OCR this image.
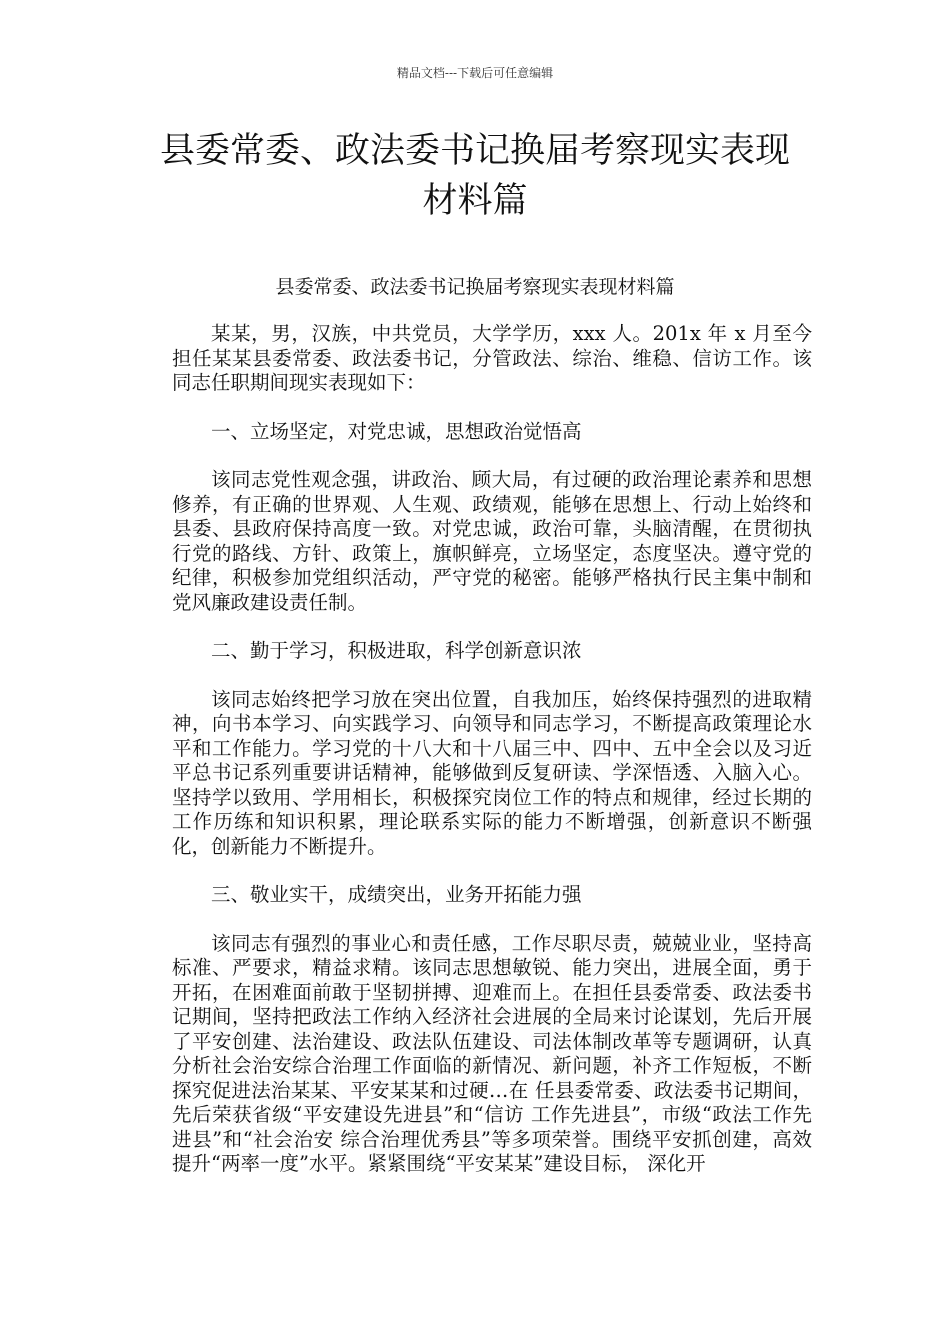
精品文档---下载后可任意编辑
县委常委、政法委书记换届考察现实表现材料篇
县委常委、政法委书记换届考察现实表现材料篇

某某，男，汉族，中共党员，大学学历，xxx 人。201x 年 x 月至今担任某某县委常委、政法委书记，分管政法、综治、维稳、信访工作。该同志任职期间现实表现如下：

一、立场坚定，对党忠诚，思想政治觉悟高

该同志党性观念强，讲政治、顾大局，有过硬的政治理论素养和思想修养，有正确的世界观、人生观、政绩观，能够在思想上、行动上始终和县委、县政府保持高度一致。对党忠诚，政治可靠，头脑清醒，在贯彻执行党的路线、方针、政策上，旗帜鲜亮，立场坚定，态度坚决。遵守党的纪律，积极参加党组织活动，严守党的秘密。能够严格执行民主集中制和党风廉政建设责任制。

二、勤于学习，积极进取，科学创新意识浓

该同志始终把学习放在突出位置，自我加压，始终保持强烈的进取精神，向书本学习、向实践学习、向领导和同志学习，不断提高政策理论水平和工作能力。学习党的十八大和十八届三中、四中、五中全会以及习近平总书记系列重要讲话精神，能够做到反复研读、学深悟透、入脑入心。坚持学以致用、学用相长，积极探究岗位工作的特点和规律，经过长期的工作历练和知识积累，理论联系实际的能力不断增强，创新意识不断强化，创新能力不断提升。

三、敬业实干，成绩突出，业务开拓能力强

该同志有强烈的事业心和责任感，工作尽职尽责，兢兢业业，坚持高标准、严要求，精益求精。该同志思想敏锐、能力突出，进展全面，勇于开拓，在困难面前敢于坚韧拼搏、迎难而上。在担任县委常委、政法委书记期间，坚持把政法工作纳入经济社会进展的全局来讨论谋划，先后开展了平安创建、法治建设、政法队伍建设、司法体制改革等专题调研，认真分析社会治安综合治理工作面临的新情况、新问题，补齐工作短板，不断探究促进法治某某、平安某某和过硬…在 任县委常委、政法委书记期间，先后荣获省级“平安建设先进县”和“信访 工作先进县”，市级“政法工作先进县”和“社会治安 综合治理优秀县”等多项荣誉。围绕平安抓创建，高效提升“两率一度”水平。紧紧围绕“平安某某”建设目标， 深化开
